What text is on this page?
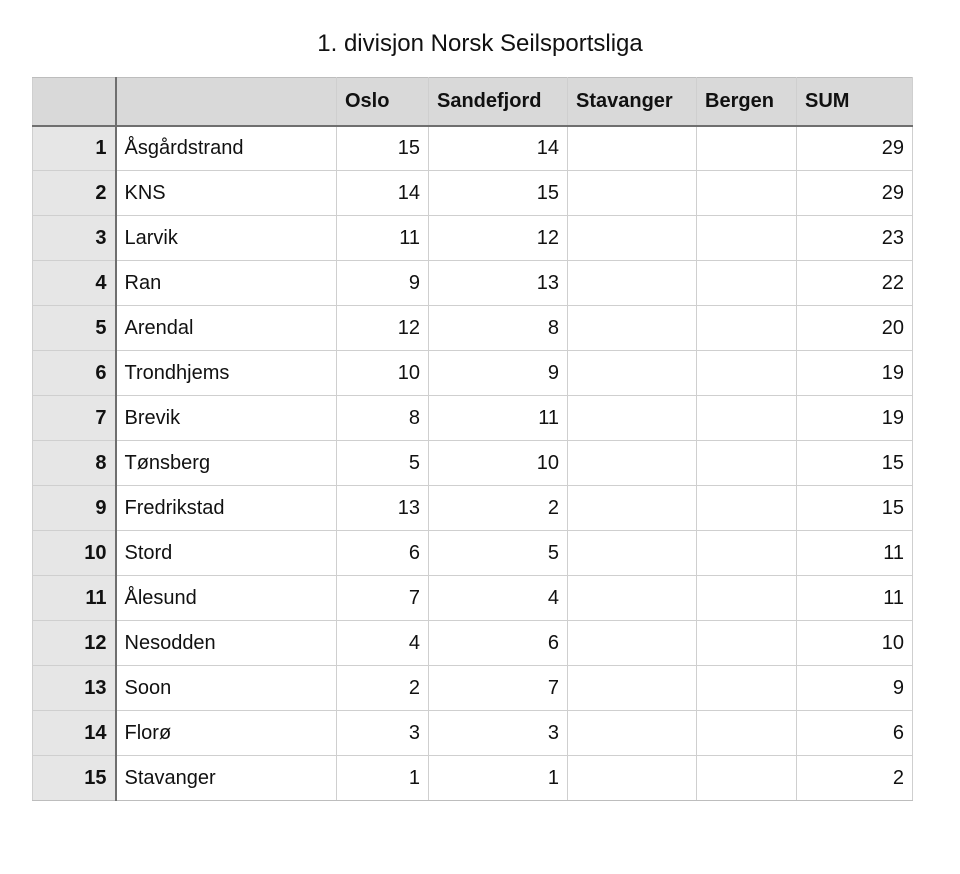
1. divisjon Norsk Seilsportsliga
		Oslo	Sandefjord	Stavanger	Bergen	SUM
1	Åsgårdstrand	15	14			29
2	KNS	14	15			29
3	Larvik	11	12			23
4	Ran	9	13			22
5	Arendal	12	8			20
6	Trondhjems	10	9			19
7	Brevik	8	11			19
8	Tønsberg	5	10			15
9	Fredrikstad	13	2			15
10	Stord	6	5			11
11	Ålesund	7	4			11
12	Nesodden	4	6			10
13	Soon	2	7			9
14	Florø	3	3			6
15	Stavanger	1	1			2
